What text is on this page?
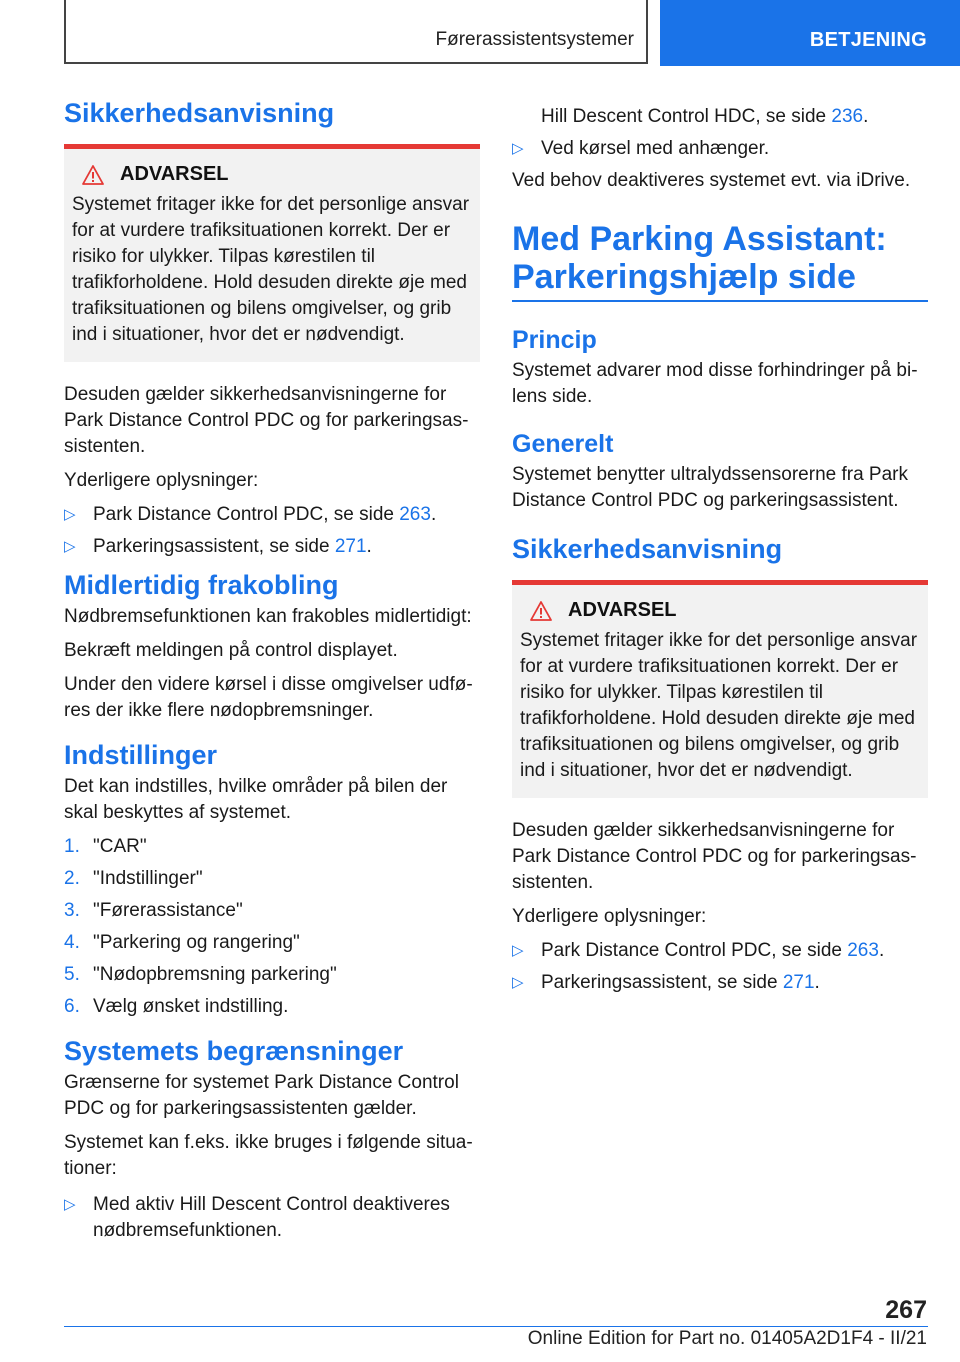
Førerassistentsystemer	BETJENING
Sikkerhedsanvisning
ADVARSEL

Systemet fritager ikke for det personlige ansvar for at vurdere trafiksituationen korrekt. Der er risiko for ulykker. Tilpas kørestilen til trafikforholdene. Hold desuden direkte øje med trafiksituationen og bilens omgivelser, og grib ind i situationer, hvor det er nødvendigt.

Desuden gælder sikkerhedsanvisningerne for Park Distance Control PDC og for parkeringsassistenten.

Yderligere oplysninger:

▷ Park Distance Control PDC, se side 263.
▷ Parkeringsassistent, se side 271.
Midlertidig frakobling

Nødbremsefunktionen kan frakobles midlertidigt:

Bekræft meldingen på control displayet.

Under den videre kørsel i disse omgivelser udføres der ikke flere nødopbremsninger.

Indstillinger

Det kan indstilles, hvilke områder på bilen der skal beskyttes af systemet.

1. "CAR"
2. "Indstillinger"
3. "Førerassistance"
4. "Parkering og rangering"
5. "Nødopbremsning parkering"
6. Vælg ønsket indstilling.
Systemets begrænsninger

Grænserne for systemet Park Distance Control PDC og for parkeringsassistenten gælder.

Systemet kan f.eks. ikke bruges i følgende situationer:

▷ Med aktiv Hill Descent Control deaktiveres nødbremsefunktionen.

Hill Descent Control HDC, se side 236.

▷ Ved kørsel med anhænger.

Ved behov deaktiveres systemet evt. via iDrive.

Med Parking Assistant: Parkeringshjælp side
Princip

Systemet advarer mod disse forhindringer på bilens side.

Generelt

Systemet benytter ultralydssensorerne fra Park Distance Control PDC og parkeringsassistent.

Sikkerhedsanvisning
ADVARSEL

Systemet fritager ikke for det personlige ansvar for at vurdere trafiksituationen korrekt. Der er risiko for ulykker. Tilpas kørestilen til trafikforholdene. Hold desuden direkte øje med trafiksituationen og bilens omgivelser, og grib ind i situationer, hvor det er nødvendigt.

Desuden gælder sikkerhedsanvisningerne for Park Distance Control PDC og for parkeringsassistenten.

Yderligere oplysninger:

▷ Park Distance Control PDC, se side 263.
▷ Parkeringsassistent, se side 271.
267
Online Edition for Part no. 01405A2D1F4 - II/21
